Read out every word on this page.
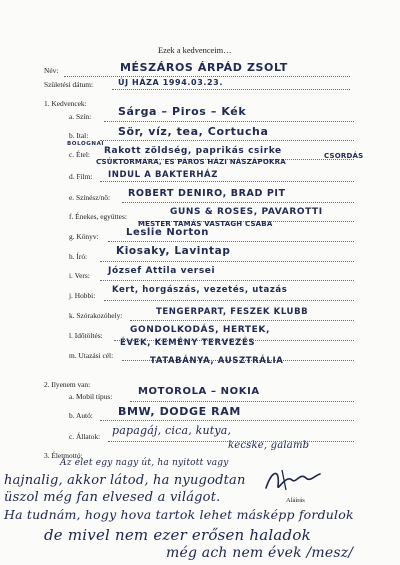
Ezek a kedvenceim…
Név:	MÉSZÁROS ÁRPÁD ZSOLT
Születési dátum:	ÚJ HÁZA 1994.03.23.
1. Kedvencek:
a. Szín: Sárga – Piros – Kék
b. Ital:	Sör, víz, tea, Cortucha
BOLOGNAI
c. Étel: Rakott zöldség, paprikás csirke
CSÚKTORMÁRA, ES PÁROS HÁZI NÁSZÁPOKRA
CSORDÁS
d. Film: INDUL A BAKTERHÁZ
e. Színész/nő: ROBERT DENIRO, BRAD PIT
f. Énekes, együttes:	GUNS & ROSES, PAVAROTTI
MESTER TAMÁS VASTAGH CSABA
g. Könyv:	Leslie Norton
h. Író:	Kiosaky, Lavintap
i. Vers: József Attila versei
j. Hobbi:
Kert, horgászás, vezetés, utazás
k. Szórakozóhely:	TENGERPART, FESZEK KLUBB
l. Időtöltés:
GONDOLKODÁS, HERTEK,
ÉVEK, KEMÉNY TERVEZÉS
m. Utazási cél:
TATABÁNYA, AUSZTRÁLIA
2. Ilyenem van:
a. Mobil típus:	MOTOROLA – NOKIA
b. Autó: BMW, DODGE RAM
c. Állatok: papagáj, cica, kutya,
kecske, galamb
3. Életmottó:
Az élet egy nagy út, ha nyitott vagy
hajnalig, akkor látod, ha nyugodtan
üszol még fan elvesed a világot.
Ha tudnám, hogy hova tartok lehet másképp fordulok
de mivel nem ezer erősen haladok
még ach nem évek /mesz/
Aláírás
